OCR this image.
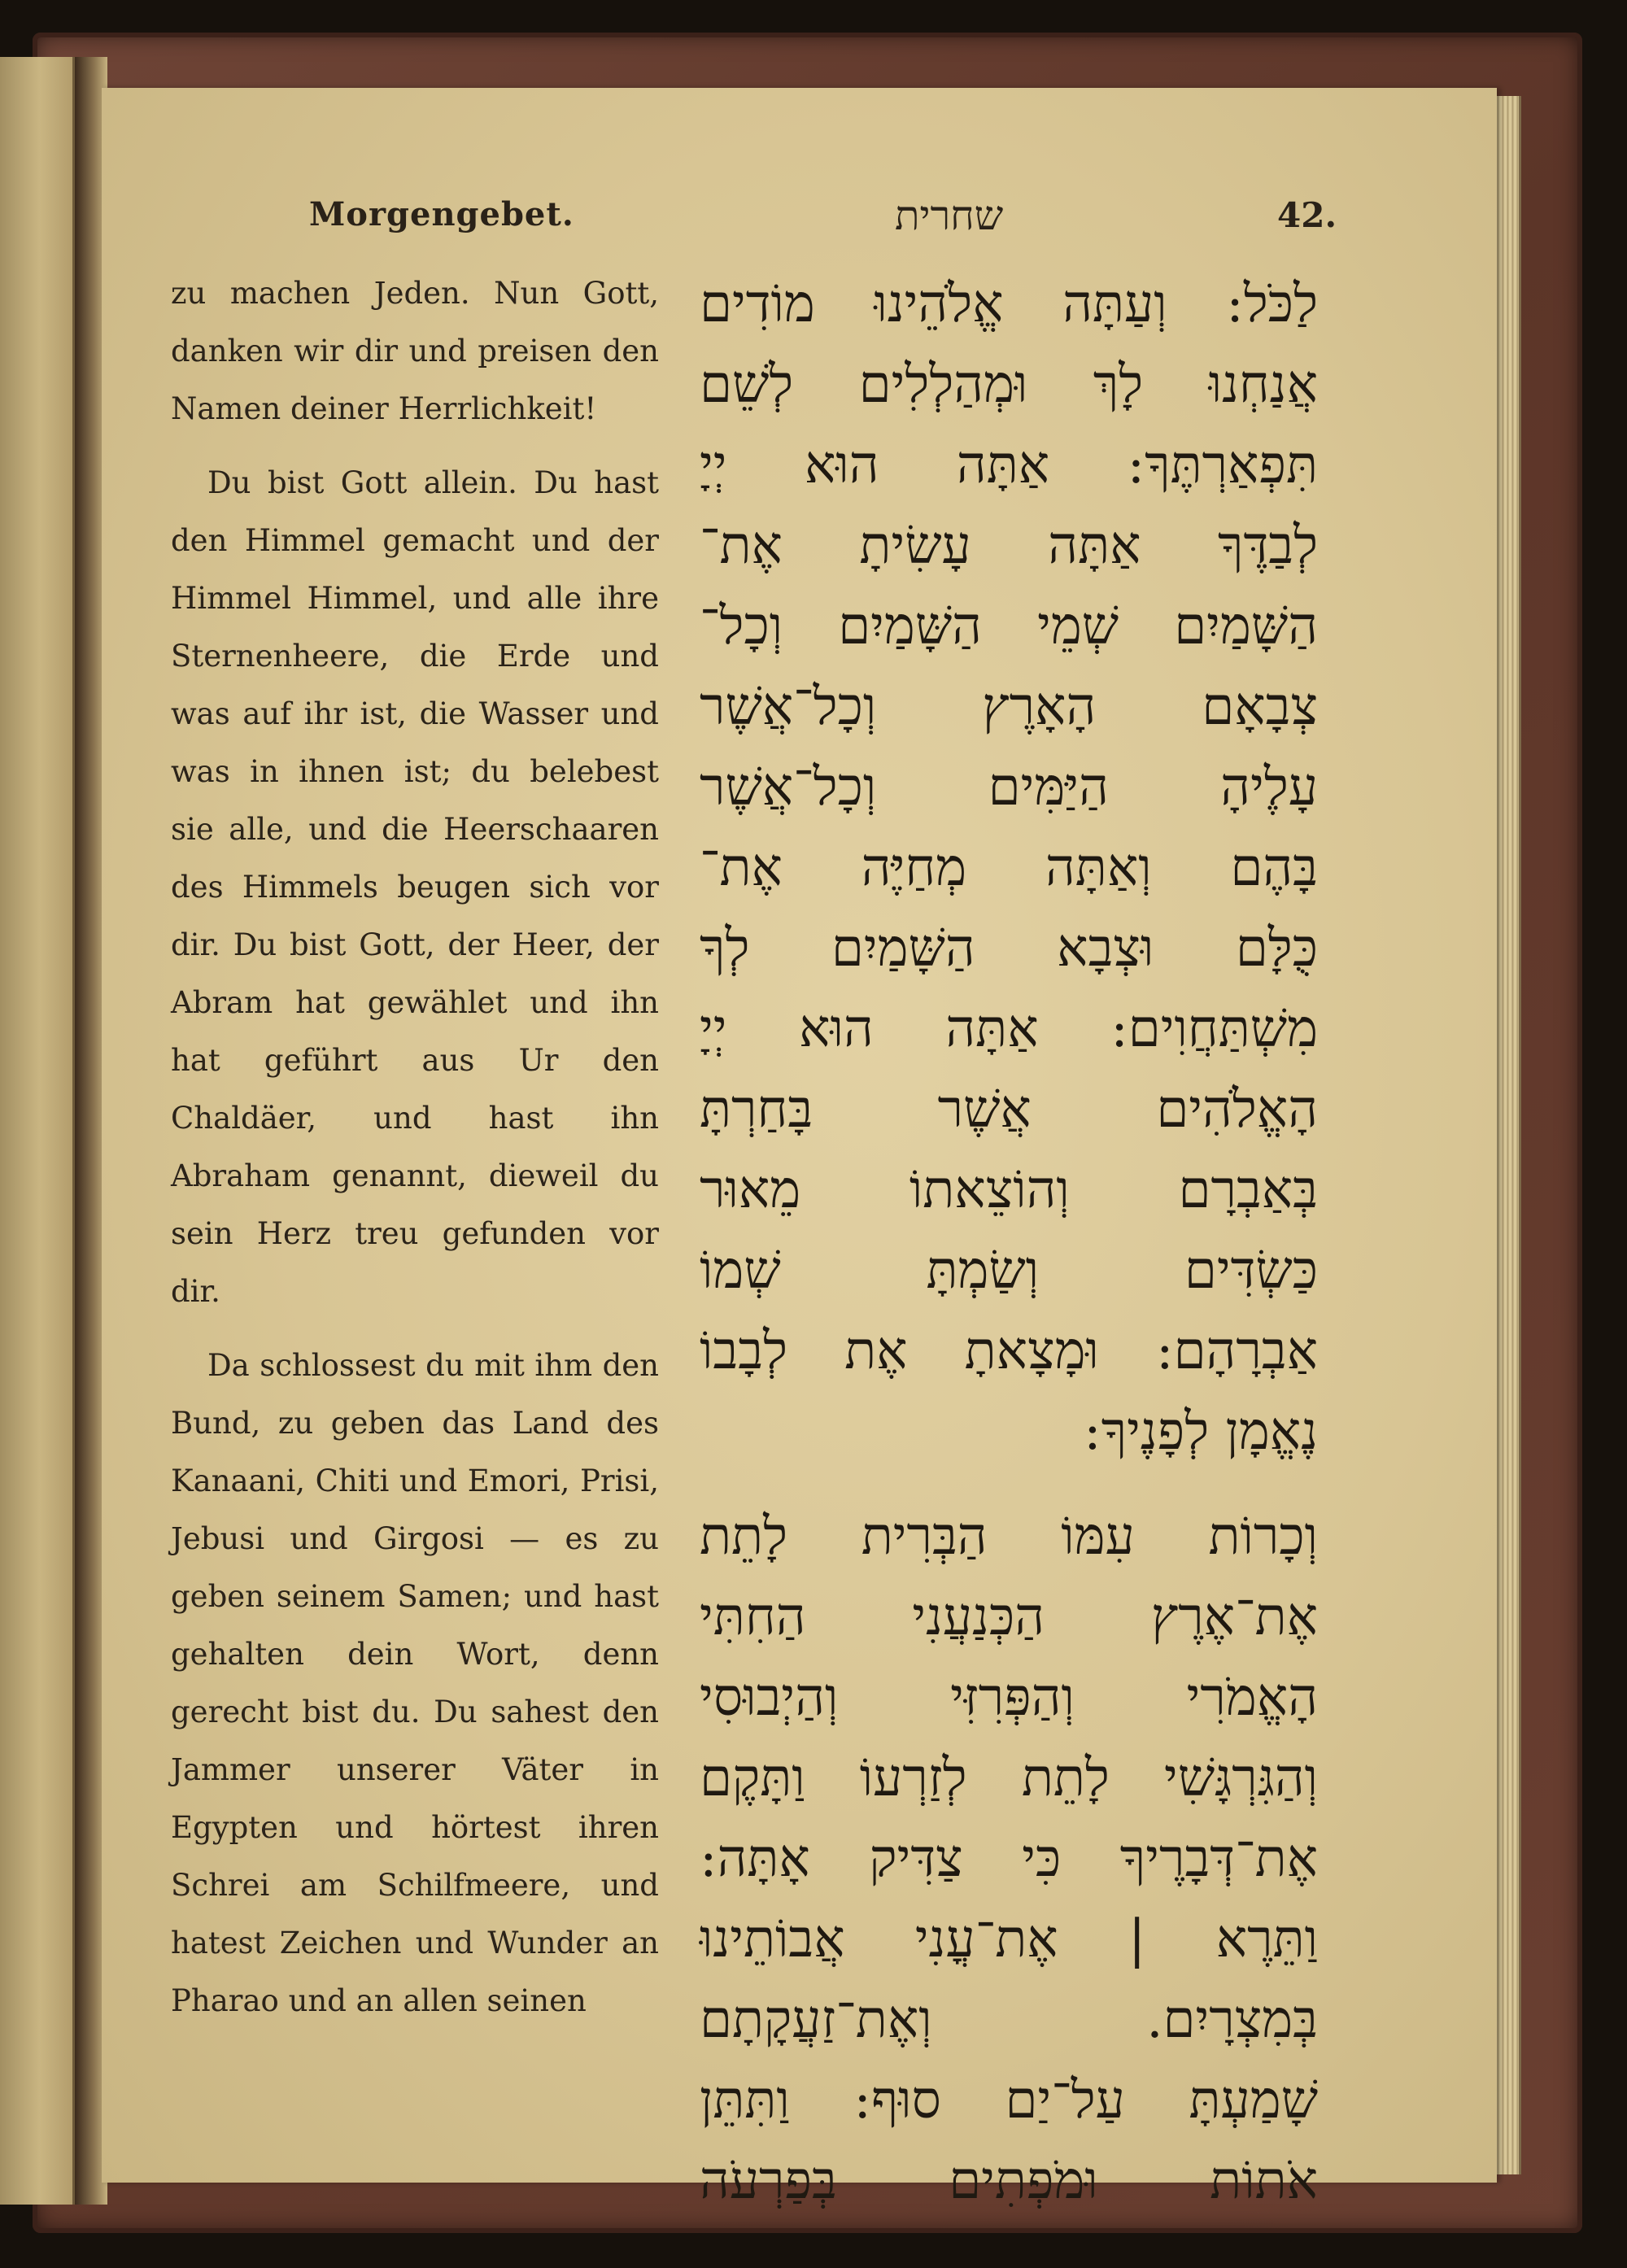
Morgengebet.	שחרית	42.

zu machen Jeden. Nun Gott, danken wir dir und preisen den Namen deiner Herrlichkeit!

Du bist Gott allein. Du hast den Himmel gemacht und der Himmel Himmel, und alle ihre Sternenheere, die Erde und was auf ihr ist, die Wasser und was in ihnen ist; du belebest sie alle, und die Heerschaaren des Himmels beugen sich vor dir. Du bist Gott, der Heer, der Abram hat gewählet und ihn hat geführt aus Ur den Chaldäer, und hast ihn Abraham genannt, dieweil du sein Herz treu gefunden vor dir.

Da schlossest du mit ihm den Bund, zu geben das Land des Kanaani, Chiti und Emori, Prisi, Jebusi und Girgosi — es zu geben seinem Samen; und hast gehalten dein Wort, denn gerecht bist du. Du sahest den Jammer unserer Väter in Egypten und hörtest ihren Schrei am Schilfmeere, und hatest Zeichen und Wunder an Pharao und an allen seinen

לַכֹּל: וְעַתָּה אֱלֹהֵינוּ מוֹדִים
אֲנַחְנוּ לָךְ וּמְהַלְלִים לְשֵׁם
תִּפְאַרְתֶּךָ: אַתָּה הוּא יְיָ
לְבַדֶּךָ אַתָּה עָשִׂיתָ אֶת־
הַשָּׁמַיִם שְׁמֵי הַשָּׁמַיִם וְכָל־
צְבָאָם הָאָרֶץ וְכָל־אֲשֶׁר
עָלֶיהָ הַיַּמִּים וְכָל־אֲשֶׁר
בָּהֶם וְאַתָּה מְחַיֶּה אֶת־
כֻּלָּם וּצְבָא הַשָּׁמַיִם לְךָ
מִשְׁתַּחֲוִים: אַתָּה הוּא יְיָ
הָאֱלֹהִים אֲשֶׁר בָּחַרְתָּ
בְּאַבְרָם וְהוֹצֵאתוֹ מֵאוּר
כַּשְׂדִּים וְשַׂמְתָּ שְׁמוֹ
אַבְרָהָם: וּמָצָאתָ אֶת לְבָבוֹ
נֶאֱמָן לְפָנֶיךָ:
וְכָרוֹת עִמּוֹ הַבְּרִית לָתֵת
אֶת־אֶרֶץ הַכְּנַעֲנִי הַחִתִּי
הָאֱמֹרִי וְהַפְּרִזִּי וְהַיְבוּסִי
וְהַגִּרְגָּשִׁי לָתֵת לְזַרְעוֹ וַתָּקֶם
אֶת־דְּבָרֶיךָ כִּי צַדִּיק אָתָּה:
וַתֵּרֶא | אֶת־עֳנִי אֲבוֹתֵינוּ
בְּמִצְרָיִם. וְאֶת־זַעֲקָתָם
שָׁמַעְתָּ עַל־יַם סוּף: וַתִּתֵּן
אֹתוֹת וּמֹפְתִים בְּפַרְעֹה
